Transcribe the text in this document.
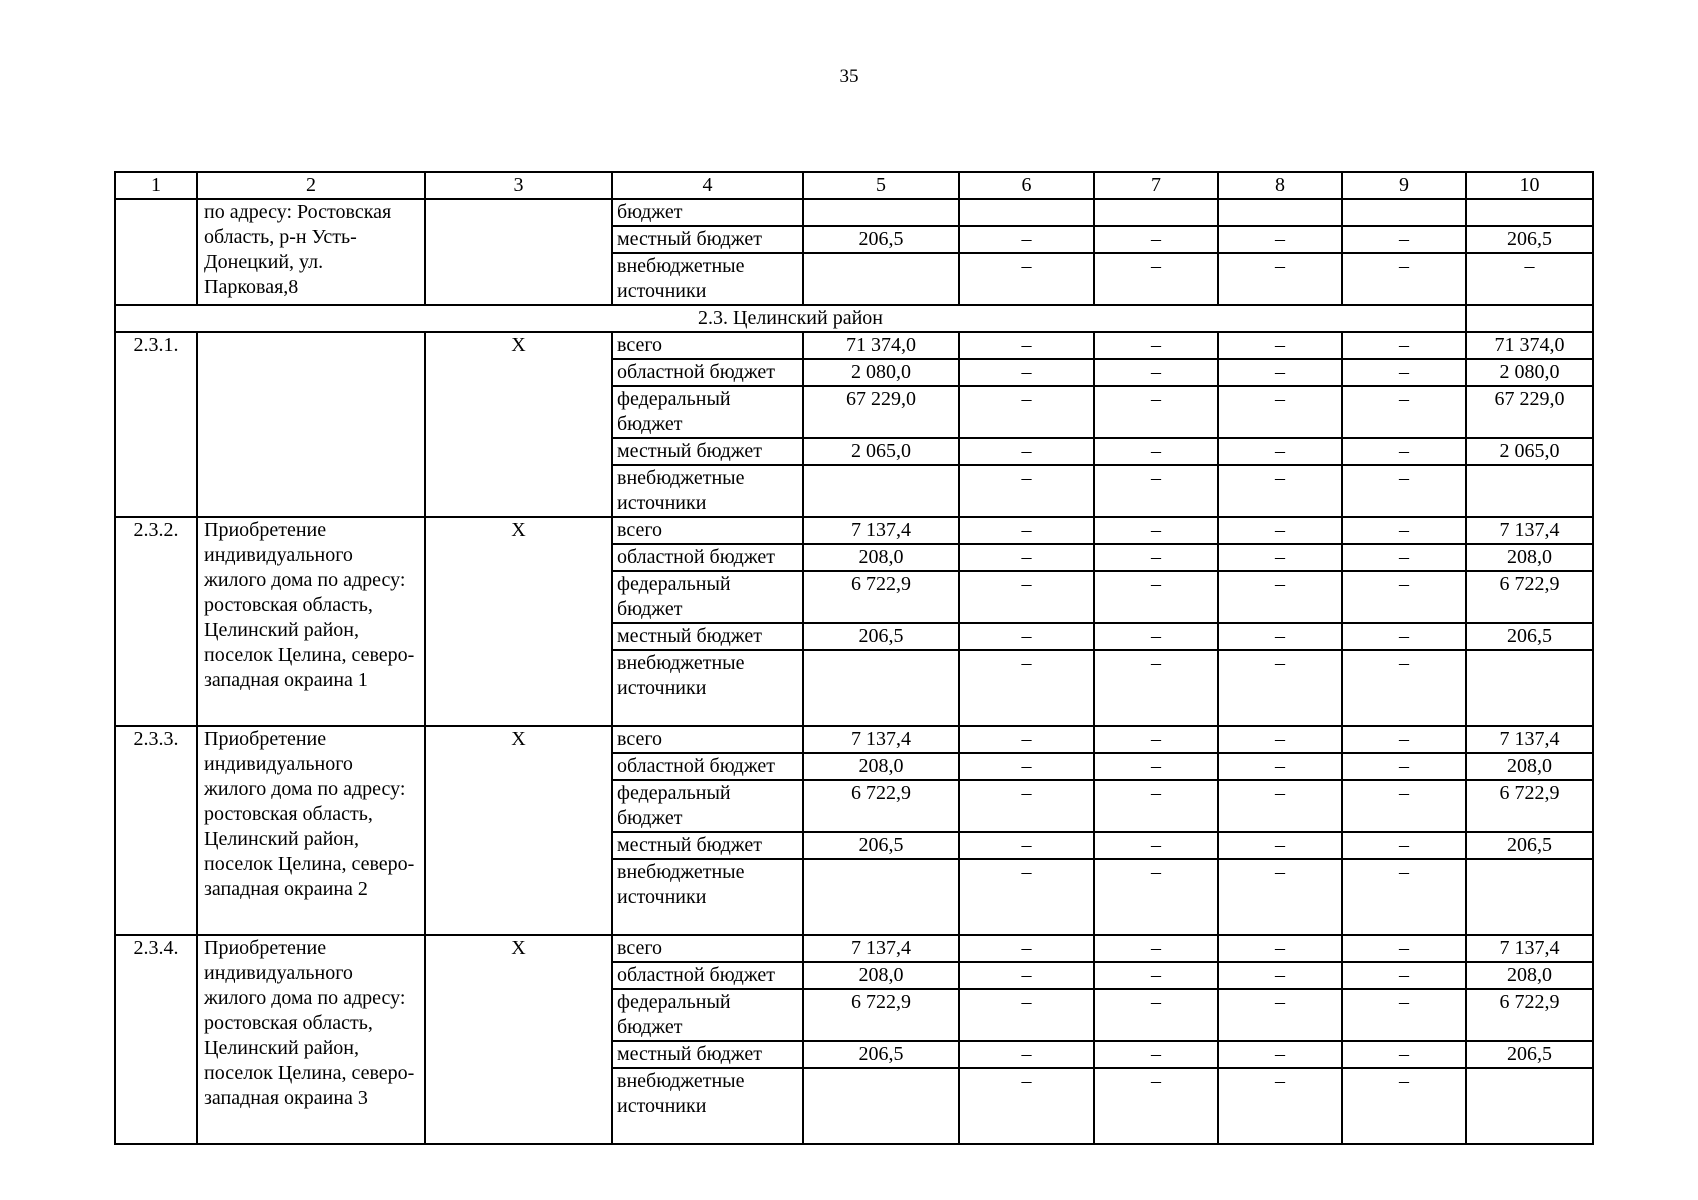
35
1	2	3	4	5	6	7	8	9	10
	по адресу: Ростовская область, р-н Усть-Донецкий, ул. Парковая,8		бюджет						
			местный бюджет	206,5	–	–	–	–	206,5
			внебюджетные источники		–	–	–	–	–
2.3. Целинский район									
2.3.1.		X	всего	71 374,0	–	–	–	–	71 374,0
			областной бюджет	2 080,0	–	–	–	–	2 080,0
			федеральный бюджет	67 229,0	–	–	–	–	67 229,0
			местный бюджет	2 065,0	–	–	–	–	2 065,0
			внебюджетные источники		–	–	–	–	
2.3.2.	Приобретение индивидуального жилого дома по адресу: ростовская область, Целинский район, поселок Целина, северо-западная окраина 1	X	всего	7 137,4	–	–	–	–	7 137,4
			областной бюджет	208,0	–	–	–	–	208,0
			федеральный бюджет	6 722,9	–	–	–	–	6 722,9
			местный бюджет	206,5	–	–	–	–	206,5
			внебюджетные источники		–	–	–	–	
2.3.3.	Приобретение индивидуального жилого дома по адресу: ростовская область, Целинский район, поселок Целина, северо-западная окраина 2	X	всего	7 137,4	–	–	–	–	7 137,4
			областной бюджет	208,0	–	–	–	–	208,0
			федеральный бюджет	6 722,9	–	–	–	–	6 722,9
			местный бюджет	206,5	–	–	–	–	206,5
			внебюджетные источники		–	–	–	–	
2.3.4.	Приобретение индивидуального жилого дома по адресу: ростовская область, Целинский район, поселок Целина, северо-западная окраина 3	X	всего	7 137,4	–	–	–	–	7 137,4
			областной бюджет	208,0	–	–	–	–	208,0
			федеральный бюджет	6 722,9	–	–	–	–	6 722,9
			местный бюджет	206,5	–	–	–	–	206,5
			внебюджетные источники		–	–	–	–	
